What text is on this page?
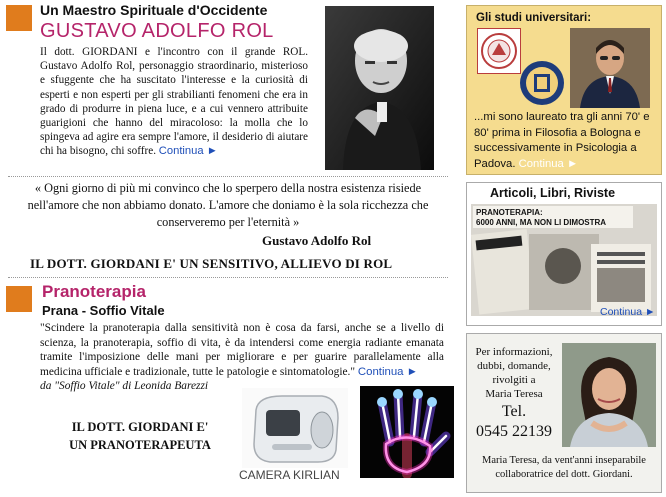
Un Maestro Spirituale d'Occidente
GUSTAVO ADOLFO ROL
Il dott. GIORDANI e l'incontro con il grande ROL. Gustavo Adolfo Rol, personaggio straordinario, misterioso e sfuggente che ha suscitato l'interesse e la curiosità di esperti e non esperti per gli strabilianti fenomeni che era in grado di produrre in piena luce, e a cui vennero attribuite guarigioni che hanno del miracoloso: la molla che lo spingeva ad agire era sempre l'amore, il desiderio di aiutare chi ha bisogno, chi soffre. Continua ►
« Ogni giorno di più mi convinco che lo sperpero della nostra esistenza risiede nell'amore che non abbiamo donato. L'amore che doniamo è la sola ricchezza che conserveremo per l'eternità »
Gustavo Adolfo Rol
IL DOTT. GIORDANI E' UN SENSITIVO, ALLIEVO DI ROL
Pranoterapia
Prana - Soffio Vitale
"Scindere la pranoterapia dalla sensitività non è cosa da farsi, anche se a livello di scienza, la pranoterapia, soffio di vita, è da intendersi come energia radiante emanata tramite l'imposizione delle mani per migliorare e per guarire parallelamente alla medicina ufficiale e tradizionale, tutte le patologie e sintomatologie." Continua ►
da "Soffio Vitale" di Leonida Barezzi
IL DOTT. GIORDANI E'
UN PRANOTERAPEUTA
CAMERA KIRLIAN
Gli studi universitari:
...mi sono laureato tra gli anni 70' e 80' prima in Filosofia a Bologna e successivamente in Psicologia a Padova. Continua ►
Articoli, Libri, Riviste
PRANOTERAPIA:
6000 ANNI, MA NON LI DIMOSTRA
Continua ►
Per informazioni,
dubbi, domande,
rivolgiti a
Maria Teresa
Tel.
0545 22139
Maria Teresa, da vent'anni inseparabile collaboratrice del dott. Giordani.
